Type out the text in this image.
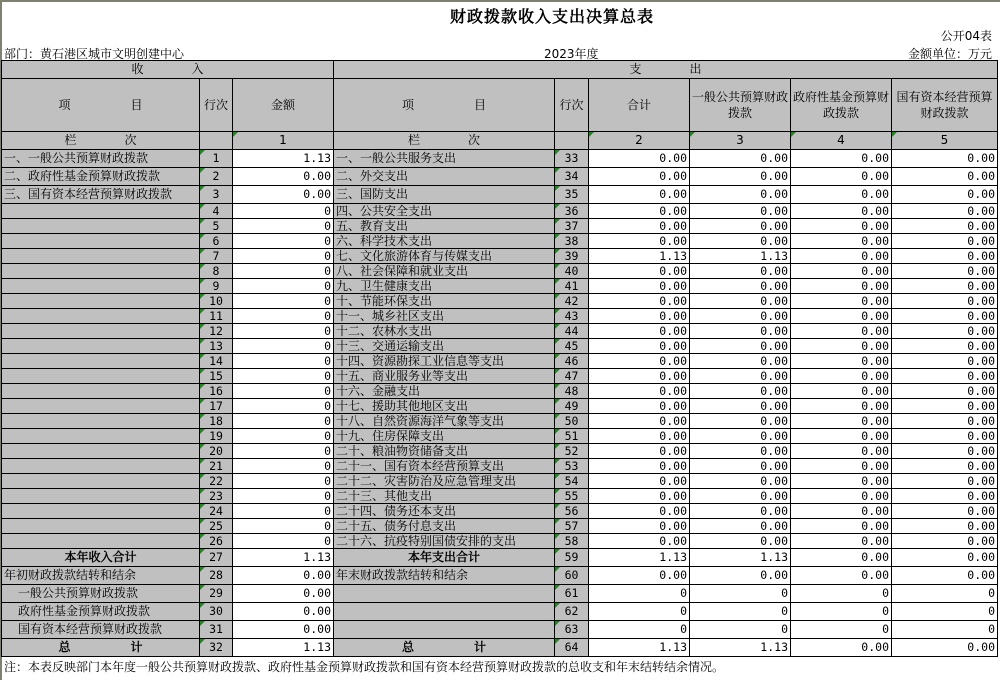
财政拨款收入支出决算总表
公开04表
部门：黄石港区城市文明创建中心	2023年度	金额单位：万元
收　　　　入			支　　　　出					
项　　　　　目	行次	金额	项　　　　　目	行次	合计	一般公共预算财政拨款	政府性基金预算财政拨款	国有资本经营预算财政拨款
栏　　　　次		1	栏　　　　次		2	3	4	5
一、一般公共预算财政拨款	1	1.13	一、一般公共服务支出	33	0.00	0.00	0.00	0.00
二、政府性基金预算财政拨款	2	0.00	二、外交支出	34	0.00	0.00	0.00	0.00
三、国有资本经营预算财政拨款	3	0.00	三、国防支出	35	0.00	0.00	0.00	0.00
	4	0	四、公共安全支出	36	0.00	0.00	0.00	0.00
	5	0	五、教育支出	37	0.00	0.00	0.00	0.00
	6	0	六、科学技术支出	38	0.00	0.00	0.00	0.00
	7	0	七、文化旅游体育与传媒支出	39	1.13	1.13	0.00	0.00
	8	0	八、社会保障和就业支出	40	0.00	0.00	0.00	0.00
	9	0	九、卫生健康支出	41	0.00	0.00	0.00	0.00
	10	0	十、节能环保支出	42	0.00	0.00	0.00	0.00
	11	0	十一、城乡社区支出	43	0.00	0.00	0.00	0.00
	12	0	十二、农林水支出	44	0.00	0.00	0.00	0.00
	13	0	十三、交通运输支出	45	0.00	0.00	0.00	0.00
	14	0	十四、资源勘探工业信息等支出	46	0.00	0.00	0.00	0.00
	15	0	十五、商业服务业等支出	47	0.00	0.00	0.00	0.00
	16	0	十六、金融支出	48	0.00	0.00	0.00	0.00
	17	0	十七、援助其他地区支出	49	0.00	0.00	0.00	0.00
	18	0	十八、自然资源海洋气象等支出	50	0.00	0.00	0.00	0.00
	19	0	十九、住房保障支出	51	0.00	0.00	0.00	0.00
	20	0	二十、粮油物资储备支出	52	0.00	0.00	0.00	0.00
	21	0	二十一、国有资本经营预算支出	53	0.00	0.00	0.00	0.00
	22	0	二十二、灾害防治及应急管理支出	54	0.00	0.00	0.00	0.00
	23	0	二十三、其他支出	55	0.00	0.00	0.00	0.00
	24	0	二十四、债务还本支出	56	0.00	0.00	0.00	0.00
	25	0	二十五、债务付息支出	57	0.00	0.00	0.00	0.00
	26	0	二十六、抗疫特别国债安排的支出	58	0.00	0.00	0.00	0.00
本年收入合计	27	1.13	本年支出合计	59	1.13	1.13	0.00	0.00
年初财政拨款结转和结余	28	0.00	年末财政拨款结转和结余	60	0.00	0.00	0.00	0.00
一般公共预算财政拨款	29	0.00		61	0	0	0	0
政府性基金预算财政拨款	30	0.00		62	0	0	0	0
国有资本经营预算财政拨款	31	0.00		63	0	0	0	0
总　　　　　计	32	1.13	总　　　　　计	64	1.13	1.13	0.00	0.00
注：本表反映部门本年度一般公共预算财政拨款、政府性基金预算财政拨款和国有资本经营预算财政拨款的总收支和年末结转结余情况。
